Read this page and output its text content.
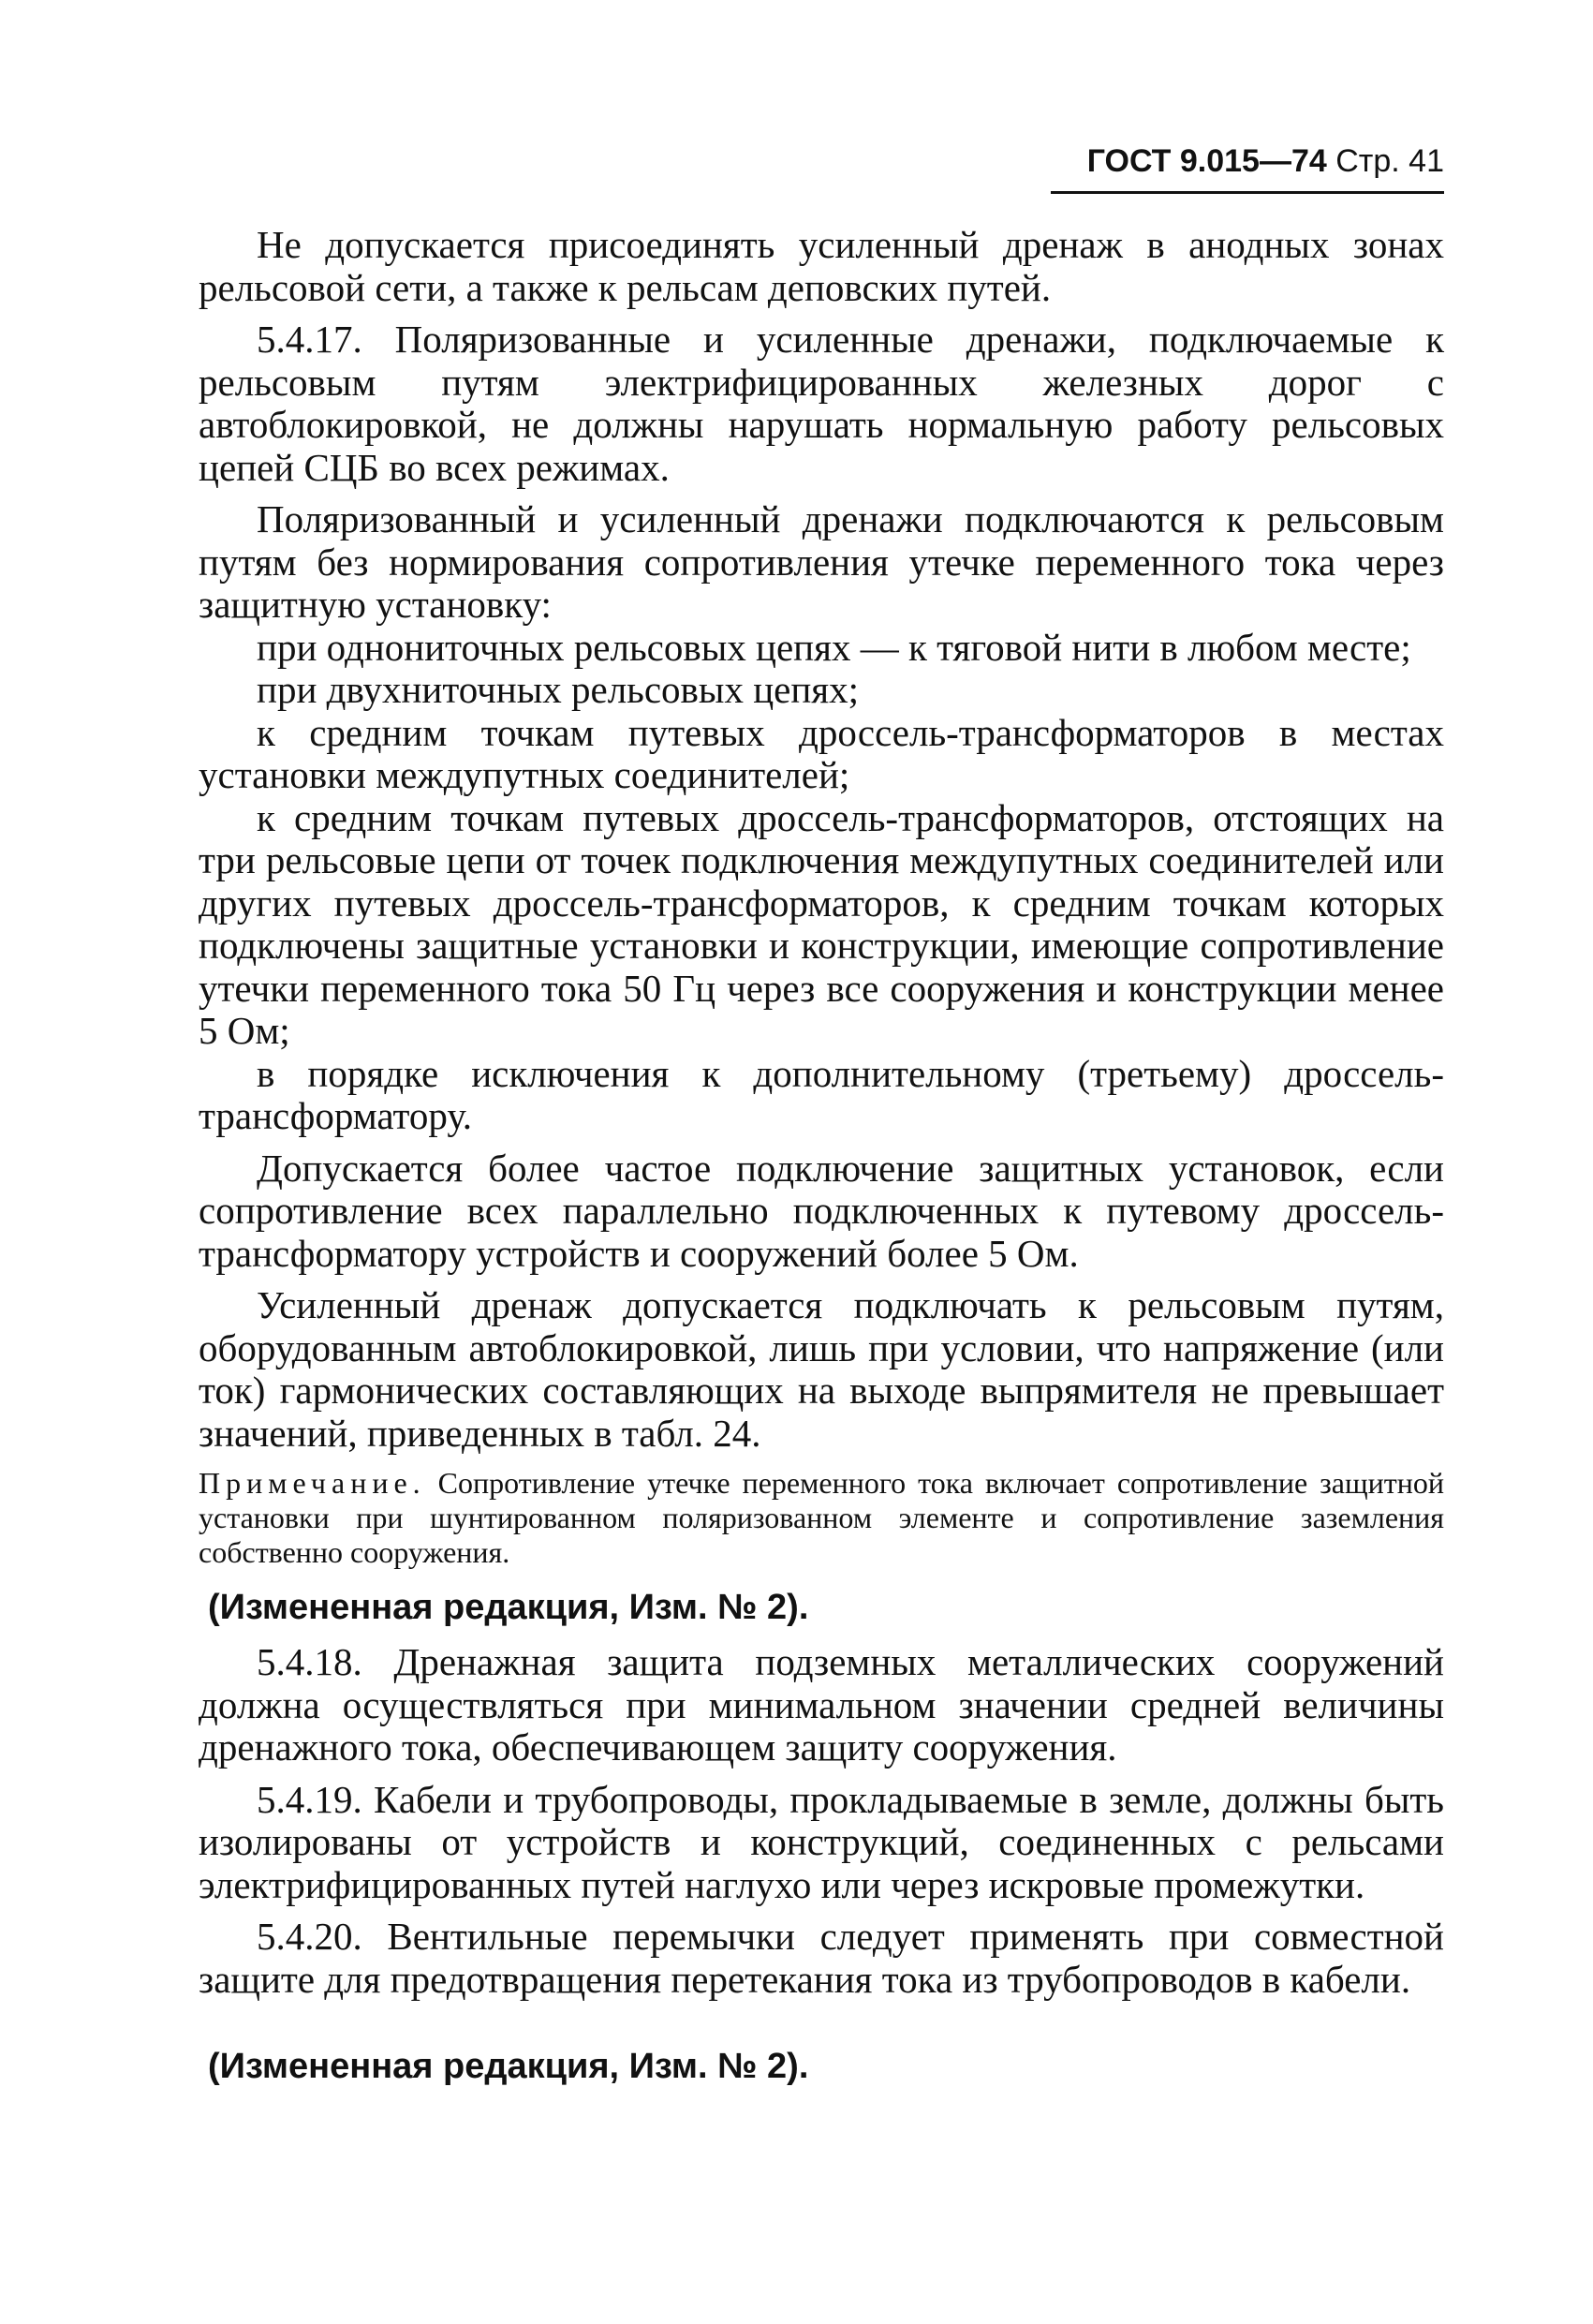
ГОСТ 9.015—74 Стр. 41

Не допускается присоединять усиленный дренаж в анодных зонах рельсовой сети, а также к рельсам деповских путей.

5.4.17. Поляризованные и усиленные дренажи, подключаемые к рельсовым путям электрифицированных железных дорог с автоблокировкой, не должны нарушать нормальную работу рельсовых цепей СЦБ во всех режимах.

Поляризованный и усиленный дренажи подключаются к рельсовым путям без нормирования сопротивления утечке переменного тока через защитную установку:

при однониточных рельсовых цепях — к тяговой нити в любом месте;

при двухниточных рельсовых цепях;

к средним точкам путевых дроссель-трансформаторов в местах установки междупутных соединителей;

к средним точкам путевых дроссель-трансформаторов, отстоящих на три рельсовые цепи от точек подключения междупутных соединителей или других путевых дроссель-трансформаторов, к средним точкам которых подключены защитные установки и конструкции, имеющие сопротивление утечки переменного тока 50 Гц через все сооружения и конструкции менее 5 Ом;

в порядке исключения к дополнительному (третьему) дроссель-трансформатору.

Допускается более частое подключение защитных установок, если сопротивление всех параллельно подключенных к путевому дроссель-трансформатору устройств и сооружений более 5 Ом.

Усиленный дренаж допускается подключать к рельсовым путям, оборудованным автоблокировкой, лишь при условии, что напряжение (или ток) гармонических составляющих на выходе выпрямителя не превышает значений, приведенных в табл. 24.

Примечание. Сопротивление утечке переменного тока включает сопротивление защитной установки при шунтированном поляризованном элементе и сопротивление заземления собственно сооружения.
(Измененная редакция, Изм. № 2).

5.4.18. Дренажная защита подземных металлических сооружений должна осуществляться при минимальном значении средней величины дренажного тока, обеспечивающем защиту сооружения.

5.4.19. Кабели и трубопроводы, прокладываемые в земле, должны быть изолированы от устройств и конструкций, соединенных с рельсами электрифицированных путей наглухо или через искровые промежутки.

5.4.20. Вентильные перемычки следует применять при совместной защите для предотвращения перетекания тока из трубопроводов в кабели.

(Измененная редакция, Изм. № 2).
